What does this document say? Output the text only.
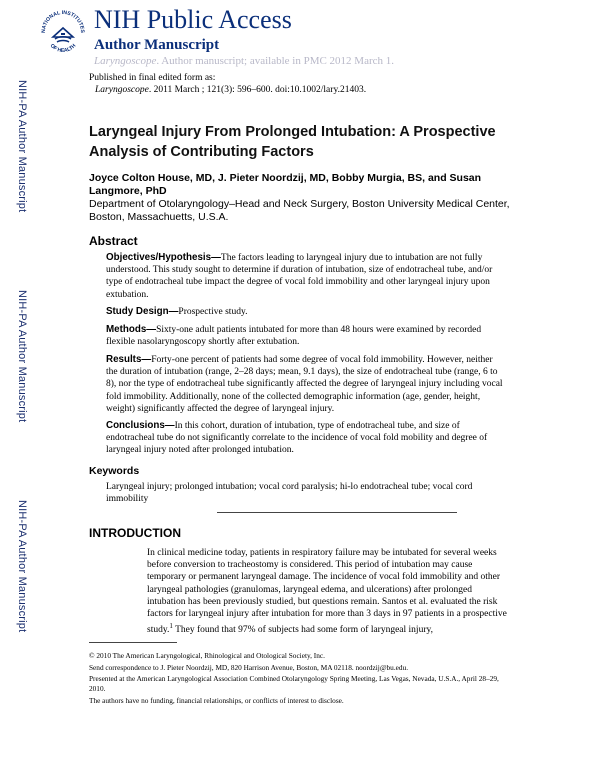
NATIONAL INSTITUTES
OF HEALTH
NIH Public Access
Author Manuscript
Laryngoscope. Author manuscript; available in PMC 2012 March 1.
Published in final edited form as:
Laryngoscope. 2011 March ; 121(3): 596–600. doi:10.1002/lary.21403.
NIH-PA Author Manuscript
NIH-PA Author Manuscript
NIH-PA Author Manuscript
Laryngeal Injury From Prolonged Intubation: A Prospective Analysis of Contributing Factors
Joyce Colton House, MD, J. Pieter Noordzij, MD, Bobby Murgia, BS, and Susan Langmore, PhD
Department of Otolaryngology–Head and Neck Surgery, Boston University Medical Center, Boston, Massachuetts, U.S.A.
Abstract
Objectives/Hypothesis—The factors leading to laryngeal injury due to intubation are not fully understood. This study sought to determine if duration of intubation, size of endotracheal tube, and/or type of endotracheal tube impact the degree of vocal fold immobility and other laryngeal injury upon extubation.
Study Design—Prospective study.
Methods—Sixty-one adult patients intubated for more than 48 hours were examined by recorded flexible nasolaryngoscopy shortly after extubation.
Results—Forty-one percent of patients had some degree of vocal fold immobility. However, neither the duration of intubation (range, 2–28 days; mean, 9.1 days), the size of endotracheal tube (range, 6 to 8), nor the type of endotracheal tube significantly affected the degree of laryngeal injury including vocal fold immobility. Additionally, none of the collected demographic information (age, gender, height, weight) significantly affected the degree of laryngeal injury.
Conclusions—In this cohort, duration of intubation, type of endotracheal tube, and size of endotracheal tube do not significantly correlate to the incidence of vocal fold mobility and degree of laryngeal injury noted after prolonged intubation.
Keywords
Laryngeal injury; prolonged intubation; vocal cord paralysis; hi-lo endotracheal tube; vocal cord immobility
INTRODUCTION
In clinical medicine today, patients in respiratory failure may be intubated for several weeks before conversion to tracheostomy is considered. This period of intubation may cause temporary or permanent laryngeal damage. The incidence of vocal fold immobility and other laryngeal pathologies (granulomas, laryngeal edema, and ulcerations) after prolonged intubation has been previously studied, but questions remain. Santos et al. evaluated the risk factors for laryngeal injury after intubation for more than 3 days in 97 patients in a prospective study.$^1$ They found that 97% of subjects had some form of laryngeal injury,
© 2010 The American Laryngological, Rhinological and Otological Society, Inc.
Send correspondence to J. Pieter Noordzij, MD, 820 Harrison Avenue, Boston, MA 02118. noordzij@bu.edu.
Presented at the American Laryngological Association Combined Otolaryngology Spring Meeting, Las Vegas, Nevada, U.S.A., April 28–29, 2010.
The authors have no funding, financial relationships, or conflicts of interest to disclose.
